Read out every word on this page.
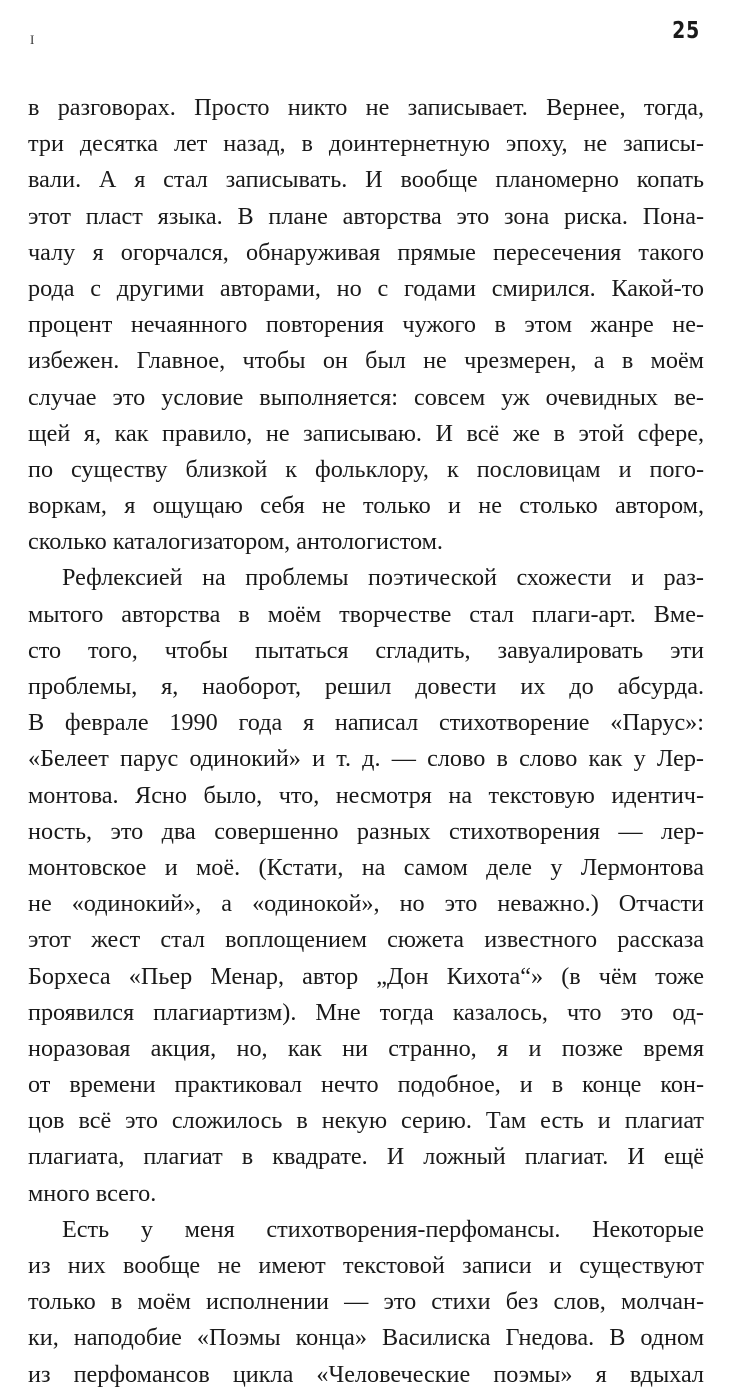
I	25
в разговорах. Просто никто не записывает. Вернее, тогда,
три десятка лет назад, в доинтернетную эпоху, не записы-
вали. А я стал записывать. И вообще планомерно копать
этот пласт языка. В плане авторства это зона риска. Пона-
чалу я огорчался, обнаруживая прямые пересечения такого
рода с другими авторами, но с годами смирился. Какой-то
процент нечаянного повторения чужого в этом жанре не-
избежен. Главное, чтобы он был не чрезмерен, а в моём
случае это условие выполняется: совсем уж очевидных ве-
щей я, как правило, не записываю. И всё же в этой сфере,
по существу близкой к фольклору, к пословицам и пого-
воркам, я ощущаю себя не только и не столько автором,
сколько каталогизатором, антологистом.
Рефлексией на проблемы поэтической схожести и раз-
мытого авторства в моём творчестве стал плаги-арт. Вме-
сто того, чтобы пытаться сгладить, завуалировать эти
проблемы, я, наоборот, решил довести их до абсурда.
В феврале 1990 года я написал стихотворение «Парус»:
«Белеет парус одинокий» и т. д. — слово в слово как у Лер-
монтова. Ясно было, что, несмотря на текстовую идентич-
ность, это два совершенно разных стихотворения — лер-
монтовское и моё. (Кстати, на самом деле у Лермонтова
не «одинокий», а «одинокой», но это неважно.) Отчасти
этот жест стал воплощением сюжета известного рассказа
Борхеса «Пьер Менар, автор „Дон Кихота“» (в чём тоже
проявился плагиартизм). Мне тогда казалось, что это од-
норазовая акция, но, как ни странно, я и позже время
от времени практиковал нечто подобное, и в конце кон-
цов всё это сложилось в некую серию. Там есть и плагиат
плагиата, плагиат в квадрате. И ложный плагиат. И ещё
много всего.
Есть у меня стихотворения-перфомансы. Некоторые
из них вообще не имеют текстовой записи и существуют
только в моём исполнении — это стихи без слов, молчан-
ки, наподобие «Поэмы конца» Василиска Гнедова. В одном
из перфомансов цикла «Человеческие поэмы» я вдыхал
